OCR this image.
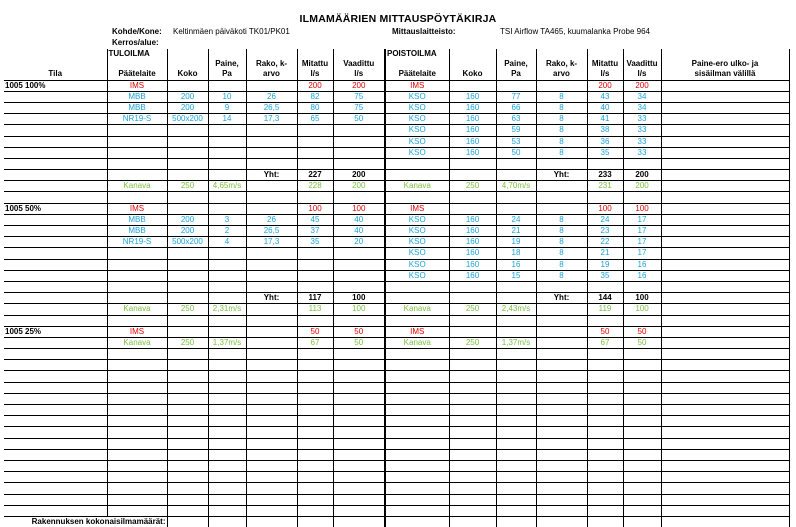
ILMAMÄÄRIEN MITTAUSPÖYTÄKIRJA
Kohde/Kone: Keltinmäen päiväkoti TK01/PK01	Mittauslaitteisto:	TSI Airflow TA465, kuumalanka Probe 964
Kerros/alue:
	TULOILMA						POISTOILMA						
			Paine,	Rako, k-	Mitattu	Vaadittu			Paine,	Rako, k-	Mitattu	Vaadittu	Paine-ero ulko- ja
Tila	Päätelaite	Koko	Pa	arvo	l/s	l/s	Päätelaite	Koko	Pa	arvo	l/s	l/s	sisäilman välillä
1005 100%	IMS				200	200	IMS				200	200	
	MBB	200	10	26	82	75	KSO	160	77	8	43	34	
	MBB	200	9	26,5	80	75	KSO	160	66	8	40	34	
	NR19-S	500x200	14	17,3	65	50	KSO	160	63	8	41	33	
							KSO	160	59	8	38	33	
							KSO	160	53	8	36	33	
							KSO	160	50	8	35	33	

				Yht:	227	200				Yht:	233	200	
	Kanava	250	4,65m/s		228	200	Kanava	250	4,70m/s		231	200	

1005 50%	IMS				100	100	IMS				100	100	
	MBB	200	3	26	45	40	KSO	160	24	8	24	17	
	MBB	200	2	26,5	37	40	KSO	160	21	8	23	17	
	NR19-S	500x200	4	17,3	35	20	KSO	160	19	8	22	17	
							KSO	160	18	8	21	17	
							KSO	160	16	8	19	16	
							KSO	160	15	8	35	16	

				Yht:	117	100				Yht:	144	100	
	Kanava	250	2,31m/s		113	100	Kanava	250	2,43m/s		119	100	

1005 25%	IMS				50	50	IMS				50	50	
	Kanava	250	1,37m/s		67	50	Kanava	250	1,37m/s		67	50	

Rakennuksen kokonaisilmamäärät:													
